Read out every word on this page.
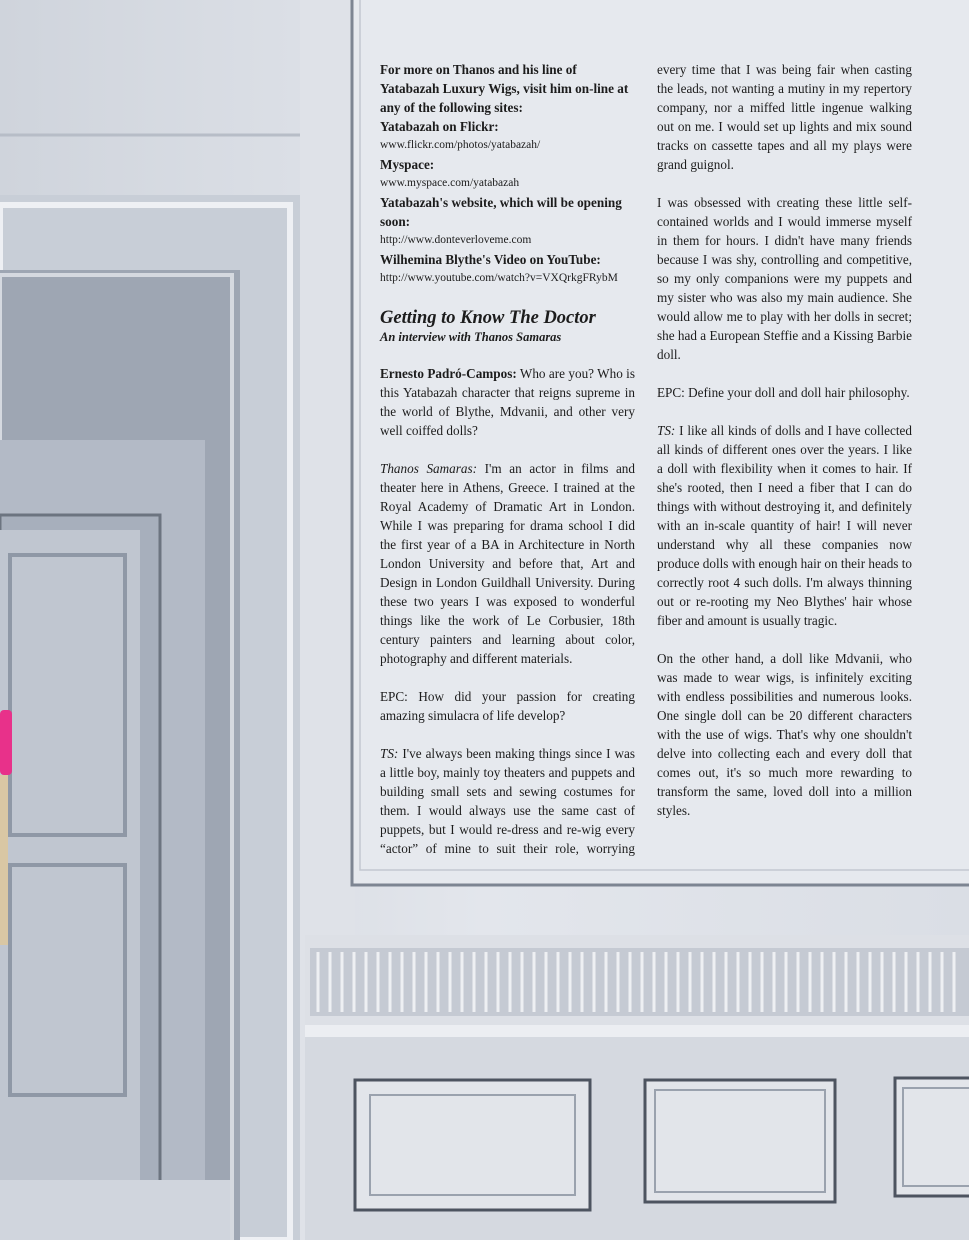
For more on Thanos and his line of Yatabazah Luxury Wigs, visit him on-line at any of the following sites:
Yatabazah on Flickr:
www.flickr.com/photos/yatabazah/
Myspace:
www.myspace.com/yatabazah
Yatabazah's website, which will be opening soon:
http://www.donteverloveme.com
Wilhemina Blythe's Video on YouTube:
http://www.youtube.com/watch?v=VXQrkgFRybM
Getting to Know The Doctor
An interview with Thanos Samaras

Ernesto Padró-Campos: Who are you? Who is this Yatabazah character that reigns supreme in the world of Blythe, Mdvanii, and other very well coiffed dolls?

Thanos Samaras: I'm an actor in films and theater here in Athens, Greece. I trained at the Royal Academy of Dramatic Art in London. While I was preparing for drama school I did the first year of a BA in Architecture in North London University and before that, Art and Design in London Guildhall University. During these two years I was exposed to wonderful things like the work of Le Corbusier, 18th century painters and learning about color, photography and different materials.

EPC: How did your passion for creating amazing simulacra of life develop?

TS: I've always been making things since I was a little boy, mainly toy theaters and puppets and building small sets and sewing costumes for them. I would always use the same cast of puppets, but I would re-dress and re-wig every “actor” of mine to suit their role, worrying every time that I was being fair when casting the leads, not wanting a mutiny in my repertory company, nor a miffed little ingenue walking out on me. I would set up lights and mix sound tracks on cassette tapes and all my plays were grand guignol.

I was obsessed with creating these little self-contained worlds and I would immerse myself in them for hours. I didn't have many friends because I was shy, controlling and competitive, so my only companions were my puppets and my sister who was also my main audience. She would allow me to play with her dolls in secret; she had a European Steffie and a Kissing Barbie doll.

EPC: Define your doll and doll hair philosophy.

TS: I like all kinds of dolls and I have collected all kinds of different ones over the years. I like a doll with flexibility when it comes to hair. If she's rooted, then I need a fiber that I can do things with without destroying it, and definitely with an in-scale quantity of hair! I will never understand why all these companies now produce dolls with enough hair on their heads to correctly root 4 such dolls. I'm always thinning out or re-rooting my Neo Blythes' hair whose fiber and amount is usually tragic.

On the other hand, a doll like Mdvanii, who was made to wear wigs, is infinitely exciting with endless possibilities and numerous looks. One single doll can be 20 different characters with the use of wigs. That's why one shouldn't delve into collecting each and every doll that comes out, it's so much more rewarding to transform the same, loved doll into a million styles.
